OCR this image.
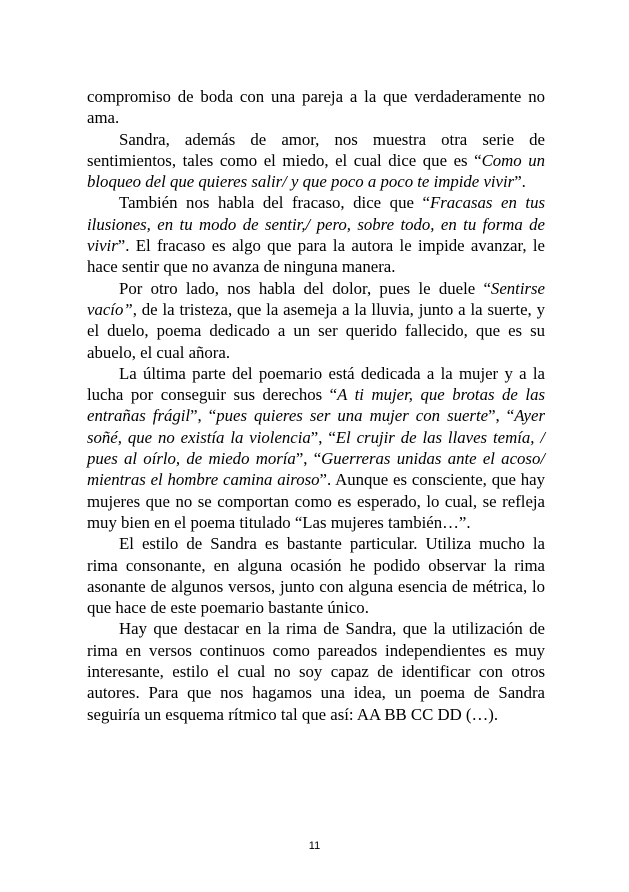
compromiso de boda con una pareja a la que verdaderamente no ama.

Sandra, además de amor, nos muestra otra serie de sentimientos, tales como el miedo, el cual dice que es “Como un bloqueo del que quieres salir/ y que poco a poco te impide vivir”.

También nos habla del fracaso, dice que “Fracasas en tus ilusiones, en tu modo de sentir,/ pero, sobre todo, en tu forma de vivir”. El fracaso es algo que para la autora le impide avanzar, le hace sentir que no avanza de ninguna manera.

Por otro lado, nos habla del dolor, pues le duele “Sentirse vacío”, de la tristeza, que la asemeja a la lluvia, junto a la suerte, y el duelo, poema dedicado a un ser querido fallecido, que es su abuelo, el cual añora.

La última parte del poemario está dedicada a la mujer y a la lucha por conseguir sus derechos “A ti mujer, que brotas de las entrañas frágil”, “pues quieres ser una mujer con suerte”, “Ayer soñé, que no existía la violencia”, “El crujir de las llaves temía, / pues al oírlo, de miedo moría”, “Guerreras unidas ante el acoso/ mientras el hombre camina airoso”. Aunque es consciente, que hay mujeres que no se comportan como es esperado, lo cual, se refleja muy bien en el poema titulado “Las mujeres también…”.

El estilo de Sandra es bastante particular. Utiliza mucho la rima consonante, en alguna ocasión he podido observar la rima asonante de algunos versos, junto con alguna esencia de métrica, lo que hace de este poemario bastante único.

Hay que destacar en la rima de Sandra, que la utilización de rima en versos continuos como pareados independientes es muy interesante, estilo el cual no soy capaz de identificar con otros autores. Para que nos hagamos una idea, un poema de Sandra seguiría un esquema rítmico tal que así: AA BB CC DD (…).

11
